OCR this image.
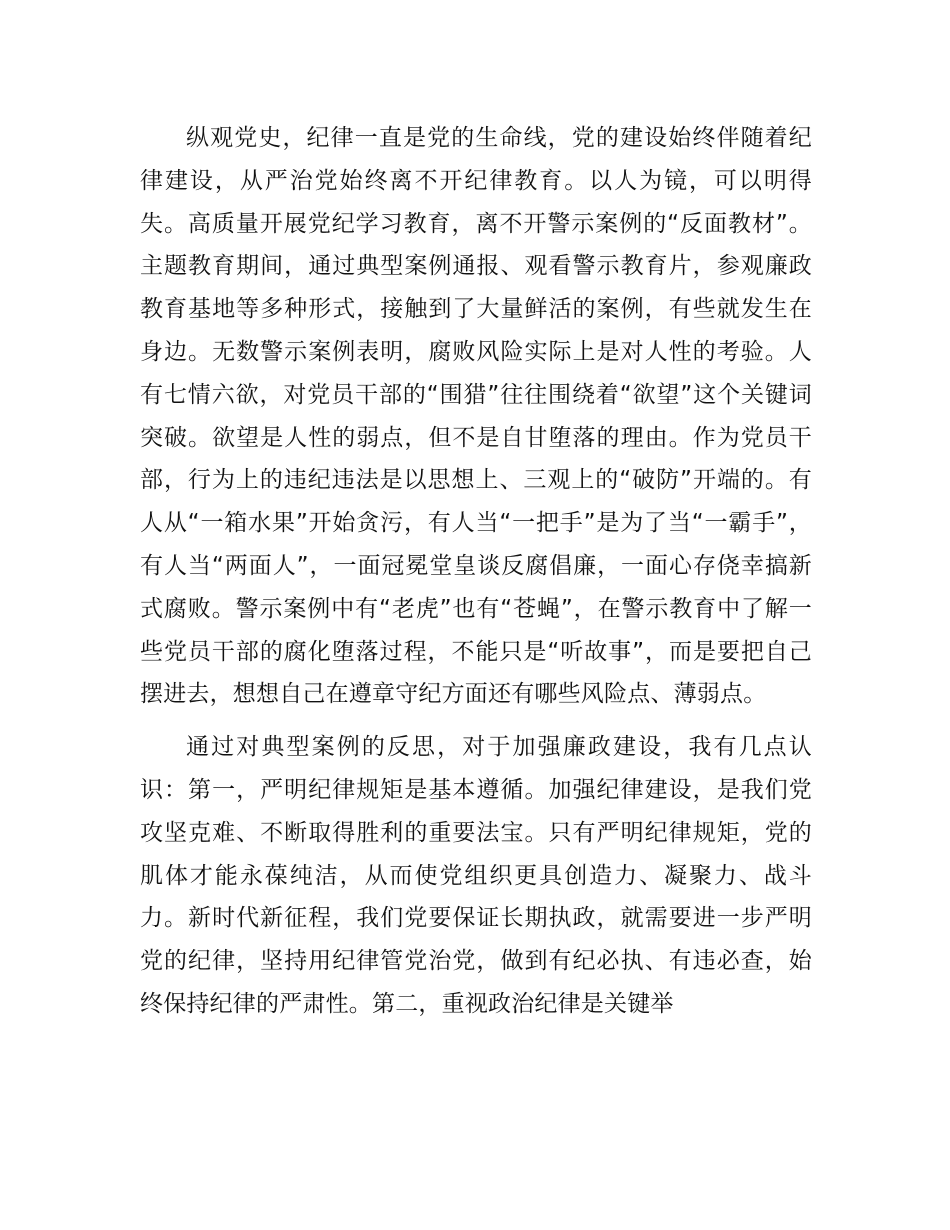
纵观党史，纪律一直是党的生命线，党的建设始终伴随着纪律建设，从严治党始终离不开纪律教育。以人为镜，可以明得失。高质量开展党纪学习教育，离不开警示案例的“反面教材”。主题教育期间，通过典型案例通报、观看警示教育片，参观廉政教育基地等多种形式，接触到了大量鲜活的案例，有些就发生在身边。无数警示案例表明，腐败风险实际上是对人性的考验。人有七情六欲，对党员干部的“围猎”往往围绕着“欲望”这个关键词突破。欲望是人性的弱点，但不是自甘堕落的理由。作为党员干部，行为上的违纪违法是以思想上、三观上的“破防”开端的。有人从“一箱水果”开始贪污，有人当“一把手”是为了当“一霸手”，有人当“两面人”，一面冠冕堂皇谈反腐倡廉，一面心存侥幸搞新式腐败。警示案例中有“老虎”也有“苍蝇”，在警示教育中了解一些党员干部的腐化堕落过程，不能只是“听故事”，而是要把自己摆进去，想想自己在遵章守纪方面还有哪些风险点、薄弱点。

通过对典型案例的反思，对于加强廉政建设，我有几点认识：第一，严明纪律规矩是基本遵循。加强纪律建设，是我们党攻坚克难、不断取得胜利的重要法宝。只有严明纪律规矩，党的肌体才能永葆纯洁，从而使党组织更具创造力、凝聚力、战斗力。新时代新征程，我们党要保证长期执政，就需要进一步严明党的纪律，坚持用纪律管党治党，做到有纪必执、有违必查，始终保持纪律的严肃性。第二，重视政治纪律是关键举
